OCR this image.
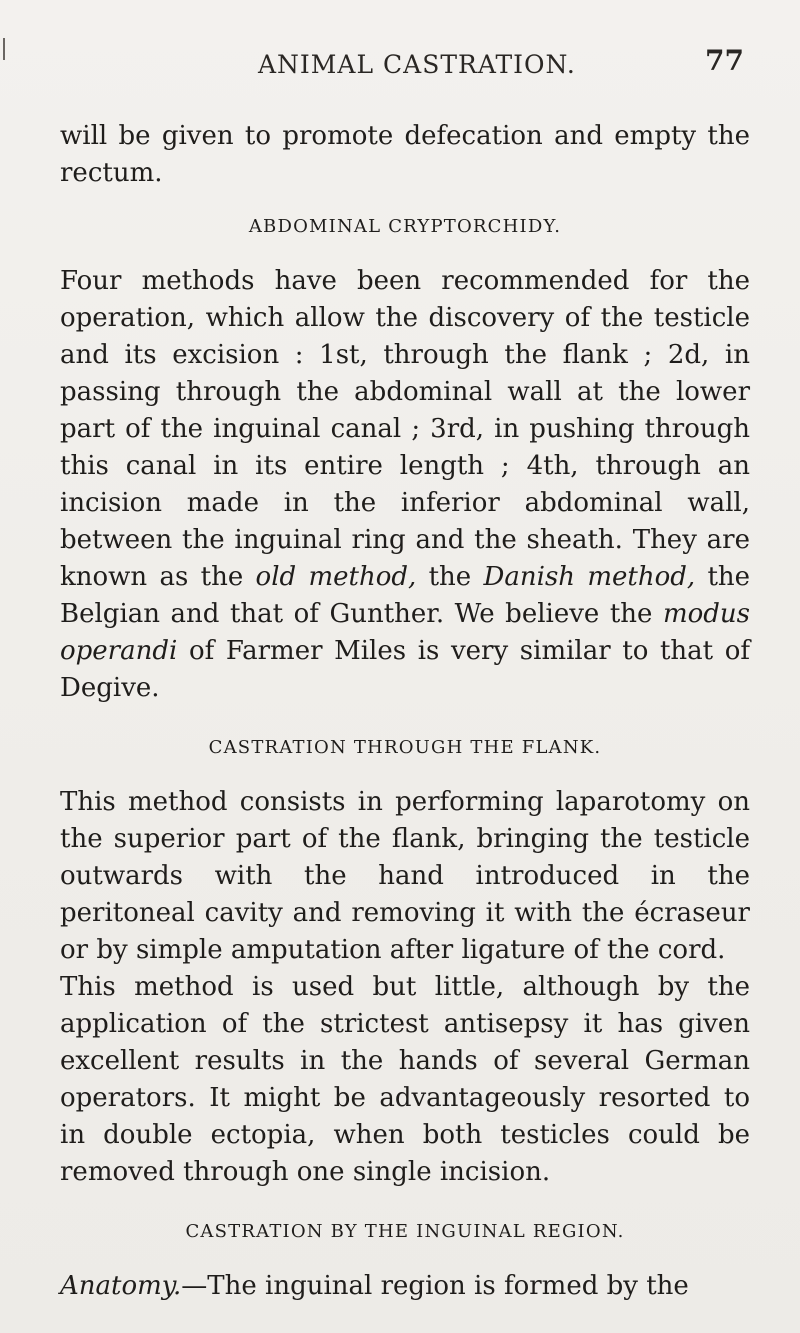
ANIMAL CASTRATION.	77

will be given to promote defecation and empty the rectum.

ABDOMINAL CRYPTORCHIDY.

Four methods have been recommended for the operation, which allow the discovery of the testicle and its excision : 1st, through the flank ; 2d, in passing through the abdominal wall at the lower part of the inguinal canal ; 3rd, in pushing through this canal in its entire length ; 4th, through an incision made in the inferior abdominal wall, between the inguinal ring and the sheath. They are known as the old method, the Danish method, the Belgian and that of Gunther. We believe the modus operandi of Farmer Miles is very similar to that of Degive.

CASTRATION THROUGH THE FLANK.

This method consists in performing laparotomy on the superior part of the flank, bringing the testicle outwards with the hand introduced in the peritoneal cavity and removing it with the écraseur or by simple amputation after ligature of the cord.

This method is used but little, although by the application of the strictest antisepsy it has given excellent results in the hands of several German operators. It might be advantageously resorted to in double ectopia, when both testicles could be removed through one single incision.

CASTRATION BY THE INGUINAL REGION.

Anatomy.—The inguinal region is formed by the
